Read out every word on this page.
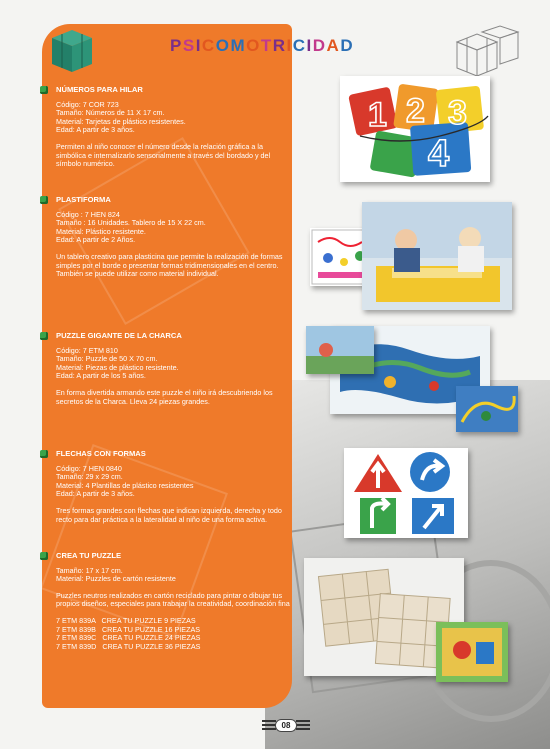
PSICOMOTRICIDAD
NÚMEROS PARA HILAR

Código: 7 COR 723

Tamaño: Números de 11 X 17 cm.

Material: Tarjetas de plástico resistentes.

Edad: A partir de 3 años.

Permiten al niño conocer el número desde la relación gráfica a la simbólica e internalizarlo sensorialmente a través del bordado y del símbolo numérico.

PLASTIFORMA

Código : 7 HEN 824

Tamaño : 16 Unidades. Tablero de 15 X 22 cm.

Material: Plástico resistente.

Edad: A partir de 2 Años.

Un tablero creativo para plasticina que permite la realización de formas simples por el borde o presentar formas tridimensionales en el centro. También se puede utilizar como material individual.

PUZZLE GIGANTE DE LA CHARCA

Código: 7 ETM 810

Tamaño: Puzzle de 50 X 70 cm.

Material: Piezas de plástico resistente.

Edad: A partir de los 5 años.

En forma divertida armando este puzzle el niño irá descubriendo los secretos de la Charca. Lleva 24 piezas grandes.

FLECHAS CON FORMAS

Código: 7 HEN 0840

Tamaño: 29 x 29 cm.

Material: 4 Plantillas de plástico resistentes

Edad: A partir de 3 años.

Tres formas grandes con flechas que indican izquierda, derecha y todo recto para dar práctica a la lateralidad al niño de una forma activa.

CREA TU PUZZLE

Tamaño: 17 x 17 cm.

Material: Puzzles de cartón resistente

Puzzles neutros realizados en cartón reciclado para pintar o dibujar tus propios diseños, especiales para trabajar la creatividad, coordinación fina

7 ETM 839A   CREA TU PUZZLE 9 PIEZAS

7 ETM 839B   CREA TU PUZZLE 16 PIEZAS

7 ETM 839C   CREA TU PUZZLE 24 PIEZAS

7 ETM 839D   CREA TU PUZZLE 36 PIEZAS

1 2 3
4
08
